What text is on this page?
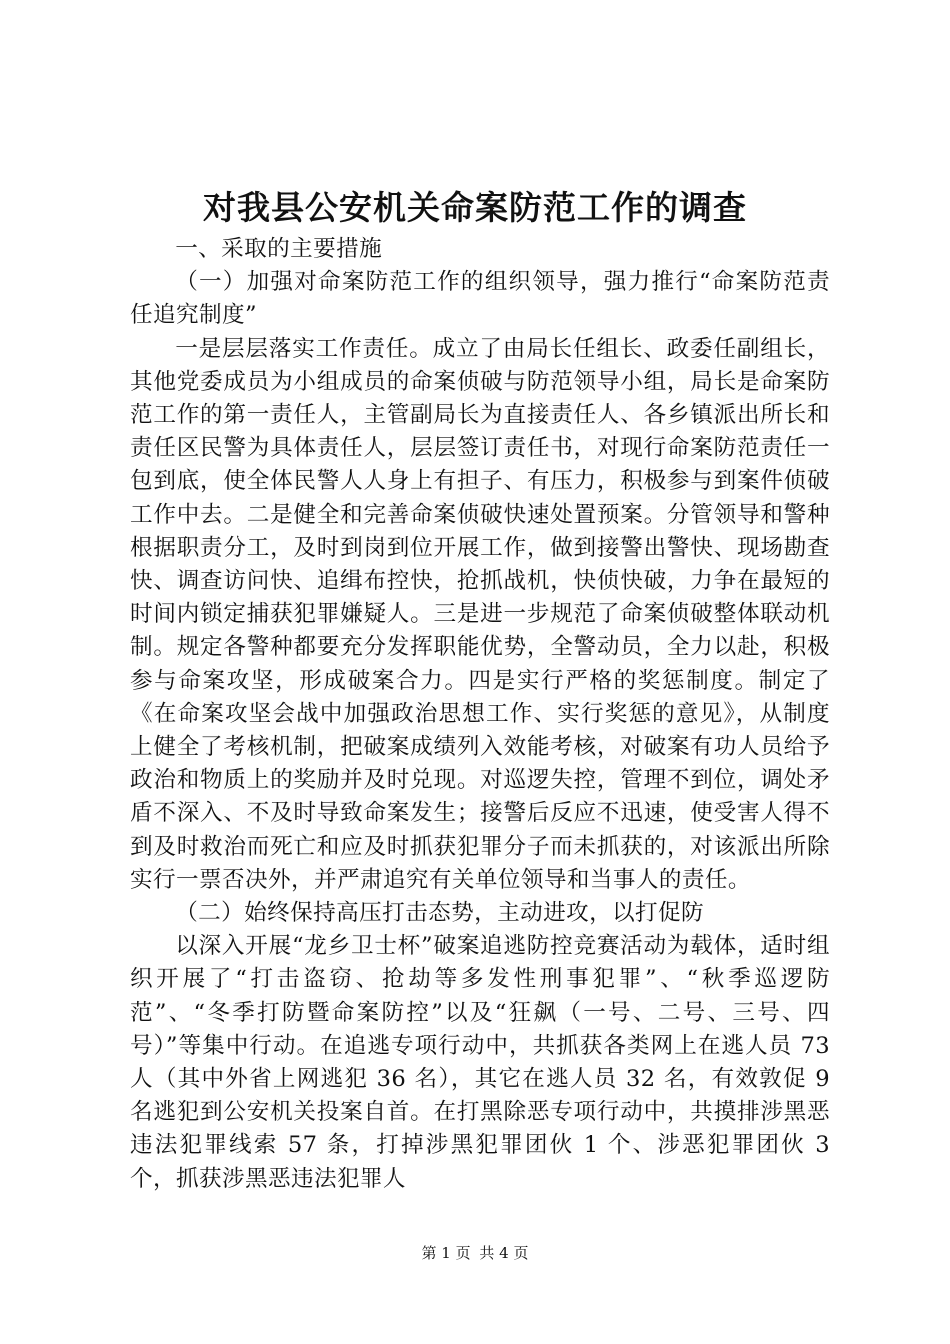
对我县公安机关命案防范工作的调查

一、采取的主要措施

（一）加强对命案防范工作的组织领导，强力推行“命案防范责任追究制度”

一是层层落实工作责任。成立了由局长任组长、政委任副组长，其他党委成员为小组成员的命案侦破与防范领导小组，局长是命案防范工作的第一责任人，主管副局长为直接责任人、各乡镇派出所长和责任区民警为具体责任人，层层签订责任书，对现行命案防范责任一包到底，使全体民警人人身上有担子、有压力，积极参与到案件侦破工作中去。二是健全和完善命案侦破快速处置预案。分管领导和警种根据职责分工，及时到岗到位开展工作，做到接警出警快、现场勘查快、调查访问快、追缉布控快，抢抓战机，快侦快破，力争在最短的时间内锁定捕获犯罪嫌疑人。三是进一步规范了命案侦破整体联动机制。规定各警种都要充分发挥职能优势，全警动员，全力以赴，积极参与命案攻坚，形成破案合力。四是实行严格的奖惩制度。制定了《在命案攻坚会战中加强政治思想工作、实行奖惩的意见》，从制度上健全了考核机制，把破案成绩列入效能考核，对破案有功人员给予政治和物质上的奖励并及时兑现。对巡逻失控，管理不到位，调处矛盾不深入、不及时导致命案发生；接警后反应不迅速，使受害人得不到及时救治而死亡和应及时抓获犯罪分子而未抓获的，对该派出所除实行一票否决外，并严肃追究有关单位领导和当事人的责任。

（二）始终保持高压打击态势，主动进攻，以打促防

以深入开展“龙乡卫士杯”破案追逃防控竞赛活动为载体，适时组织开展了“打击盗窃、抢劫等多发性刑事犯罪”、“秋季巡逻防范”、“冬季打防暨命案防控”以及“狂飙（一号、二号、三号、四号）”等集中行动。在追逃专项行动中，共抓获各类网上在逃人员 73 人（其中外省上网逃犯 36 名），其它在逃人员 32 名，有效敦促 9 名逃犯到公安机关投案自首。在打黑除恶专项行动中，共摸排涉黑恶违法犯罪线索 57 条，打掉涉黑犯罪团伙 1 个、涉恶犯罪团伙 3 个，抓获涉黑恶违法犯罪人

第 1 页 共 4 页
